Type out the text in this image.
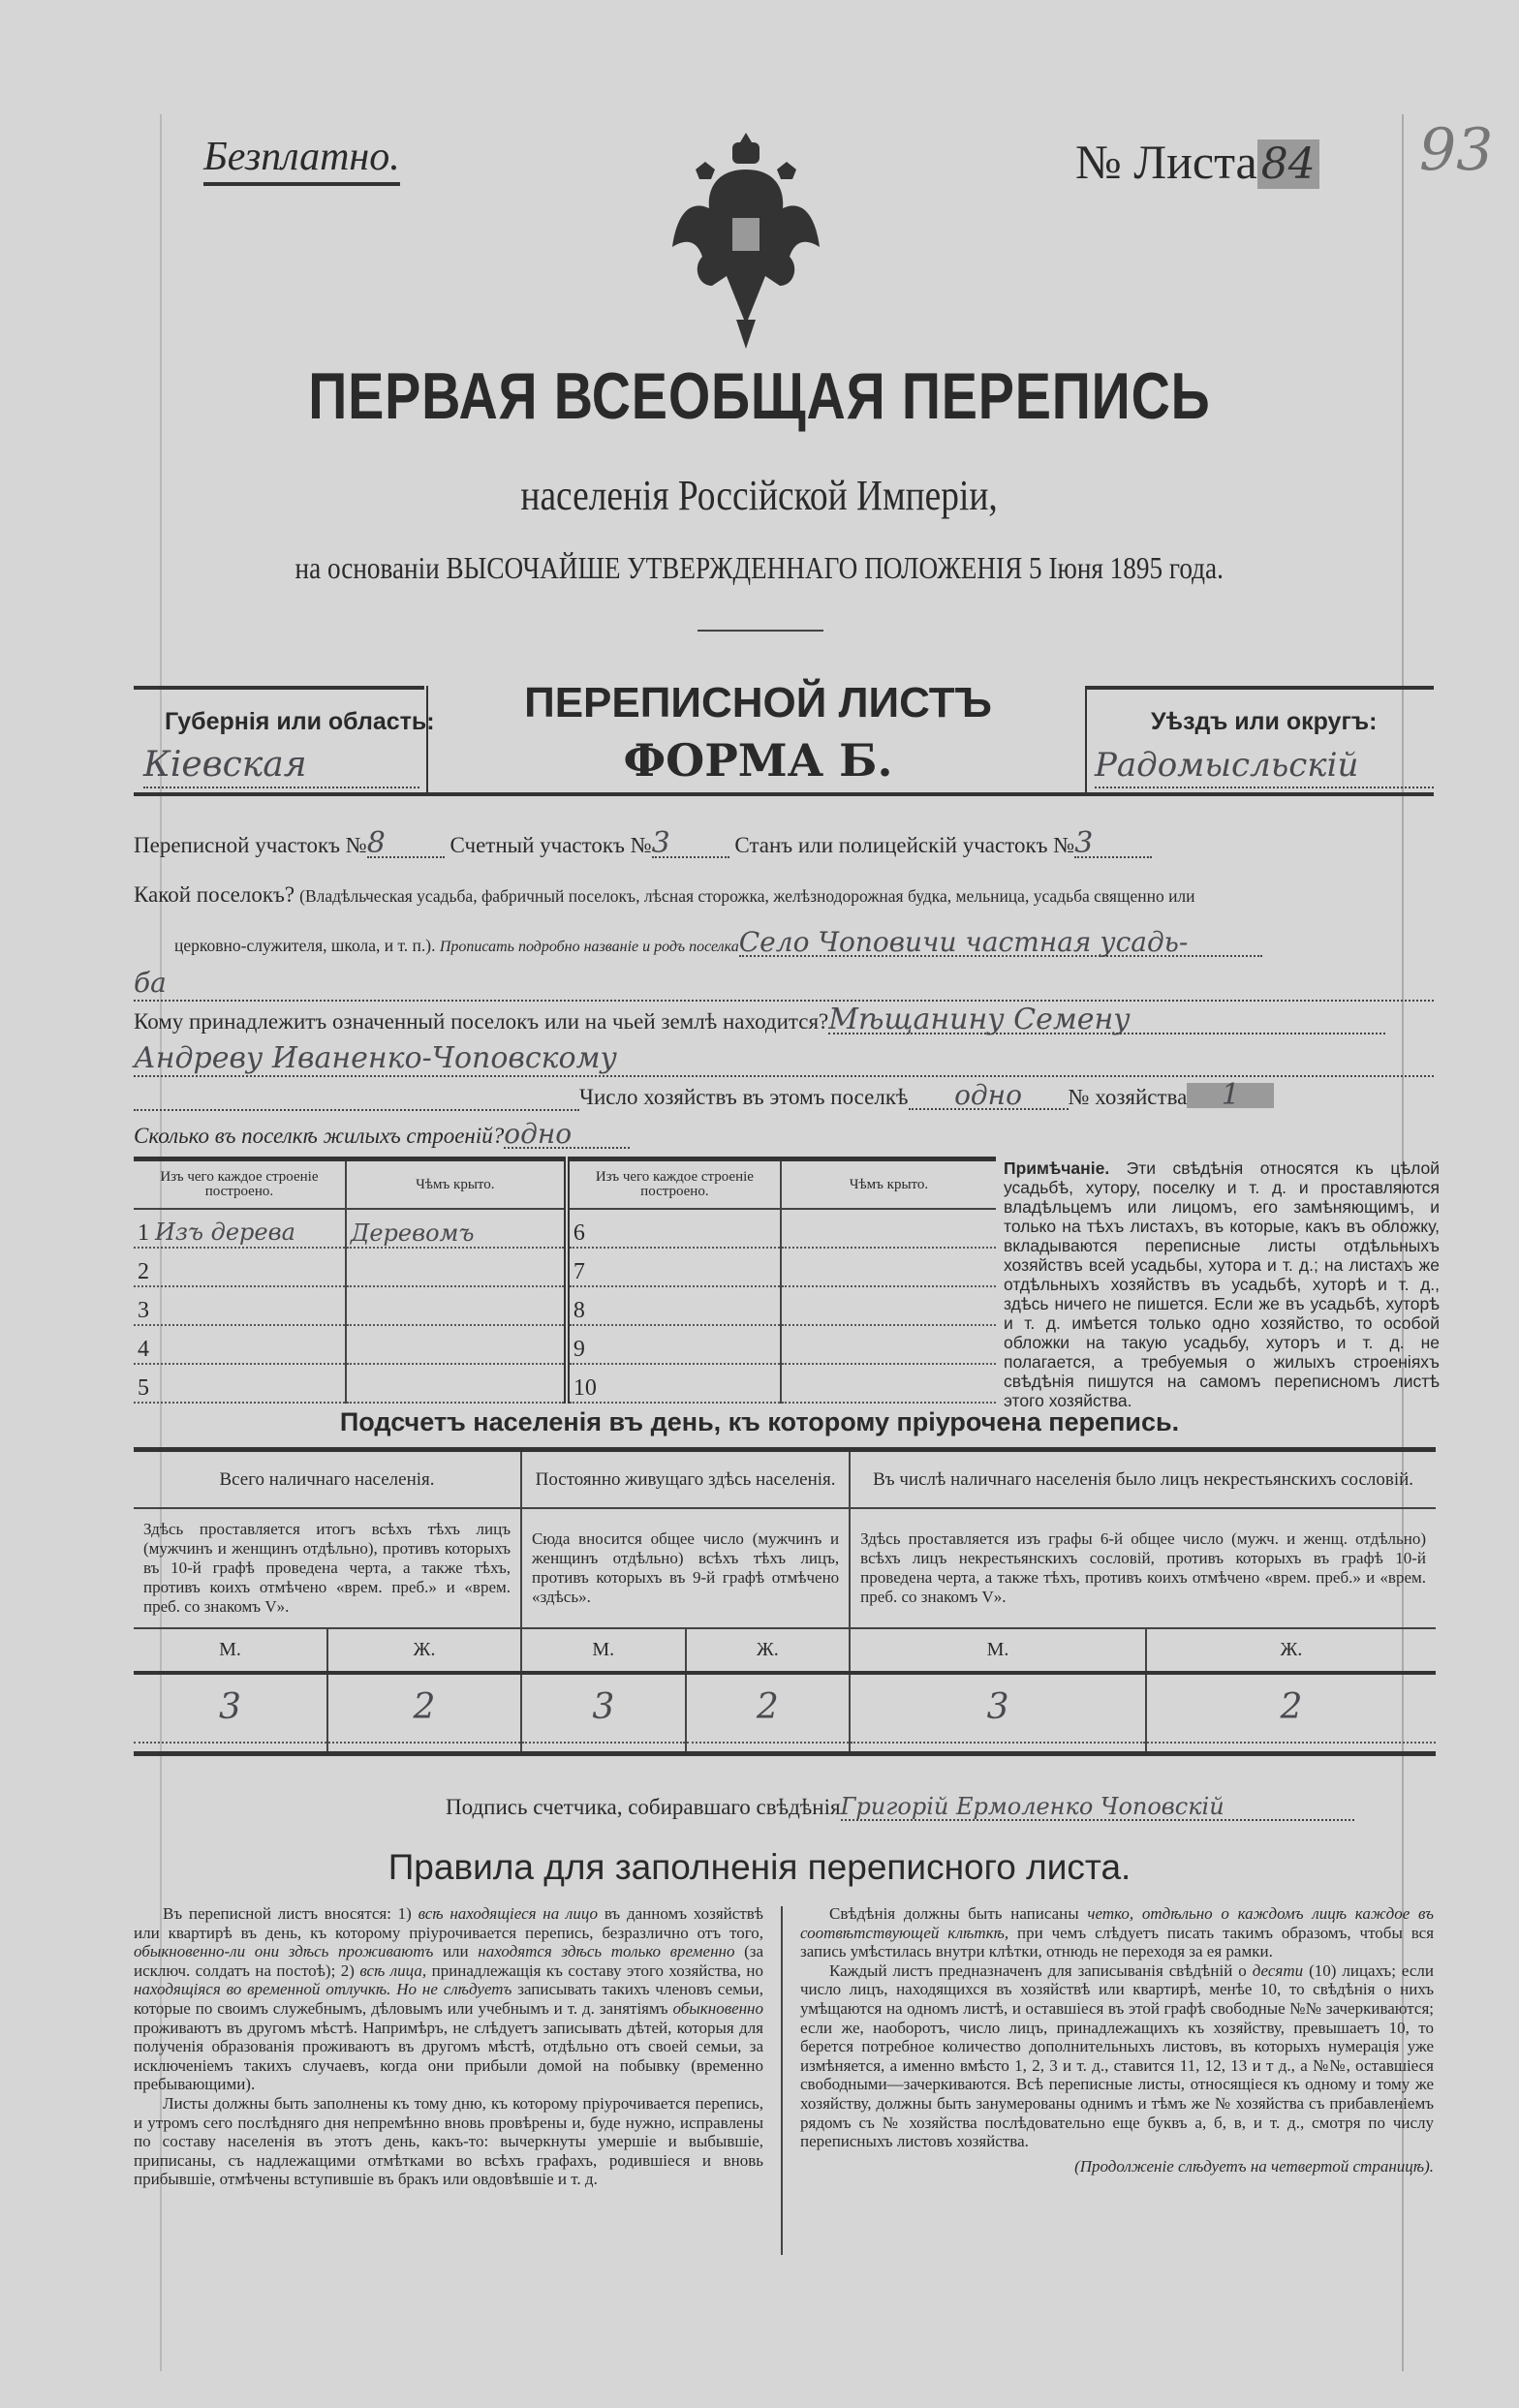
Безплатно.	№ Листа84 93
ПЕРВАЯ ВСЕОБЩАЯ ПЕРЕПИСЬ
населенія Россійской Имперіи,
на основаніи ВЫСОЧАЙШЕ УТВЕРЖДЕННАГО ПОЛОЖЕНІЯ 5 Іюня 1895 года.
Губернія или область:
Кіевская
ПЕРЕПИСНОЙ ЛИСТЪ
ФОРМА Б.
Уѣздъ или округъ:
Радомысльскій
Переписной участокъ №8	Счетный участокъ №3	Станъ или полицейскій участокъ №3
Какой поселокъ? (Владѣльческая усадьба, фабричный поселокъ, лѣсная сторожка, желѣзнодорожная будка, мельница, усадьба священно или
церковно-служителя, школа, и т. п.). Прописать подробно названіе и родъ поселкаСело Чоповичи частная усадь-
ба
Кому принадлежитъ означенный поселокъ или на чьей землѣ находится?Мѣщанину Семену
Андреву Иваненко-Чоповскому
Число хозяйствъ въ этомъ поселкѣ одно № хозяйства 1
Сколько въ поселкѣ жилыхъ строеній?одно
Изъ чего каждое строеніе построено.	Чѣмъ крыто.	Изъ чего каждое строеніе построено.	Чѣмъ крыто.
1 Изъ дерева	Деревомъ	6	
2		7	
3		8	
4		9	
5		10	
Примѣчаніе. Эти свѣдѣнія относятся къ цѣлой усадьбѣ, хутору, поселку и т. д. и проставляются владѣльцемъ или лицомъ, его замѣняющимъ, и только на тѣхъ листахъ, въ которые, какъ въ обложку, вкладываются переписные листы отдѣльныхъ хозяйствъ всей усадьбы, хутора и т. д.; на листахъ же отдѣльныхъ хозяйствъ въ усадьбѣ, хуторѣ и т. д., здѣсь ничего не пишется. Если же въ усадьбѣ, хуторѣ и т. д. имѣется только одно хозяйство, то особой обложки на такую усадьбу, хуторъ и т. д. не полагается, а требуемыя о жилыхъ строеніяхъ свѣдѣнія пишутся на самомъ переписномъ листѣ этого хозяйства.
Подсчетъ населенія въ день, къ которому пріурочена перепись.
Всего наличнаго населенія.		Постоянно живущаго здѣсь населенія.		Въ числѣ наличнаго населенія было лицъ некрестьянскихъ сословій.	
Здѣсь проставляется итогъ всѣхъ тѣхъ лицъ (мужчинъ и женщинъ отдѣльно), противъ которыхъ въ 10-й графѣ проведена черта, а также тѣхъ, противъ коихъ отмѣчено «врем. преб.» и «врем. преб. со знакомъ V».		Сюда вносится общее число (мужчинъ и женщинъ отдѣльно) всѣхъ тѣхъ лицъ, противъ которыхъ въ 9-й графѣ отмѣчено «здѣсь».		Здѣсь проставляется изъ графы 6-й общее число (мужч. и женщ. отдѣльно) всѣхъ лицъ некрестьянскихъ сословій, противъ которыхъ въ графѣ 10-й проведена черта, а также тѣхъ, противъ коихъ отмѣчено «врем. преб.» и «врем. преб. со знакомъ V».	
М.	Ж.	М.	Ж.	М.	Ж.
3	2	3	2	3	2

Подпись счетчика, собиравшаго свѣдѣніяГригорій Ермоленко Чоповскій
Правила для заполненія переписного листа.

Въ переписной листъ вносятся: 1) всѣ находящіеся на лицо въ данномъ хозяйствѣ или квартирѣ въ день, къ которому пріурочивается перепись, безразлично отъ того, обыкновенно-ли они здѣсь проживаютъ или находятся здѣсь только временно (за исключ. солдатъ на постоѣ); 2) всѣ лица, принадлежащія къ составу этого хозяйства, но находящіяся во временной отлучкѣ. Но не слѣдуетъ записывать такихъ членовъ семьи, которые по своимъ служебнымъ, дѣловымъ или учебнымъ и т. д. занятіямъ обыкновенно проживаютъ въ другомъ мѣстѣ. Напримѣръ, не слѣдуетъ записывать дѣтей, которыя для полученія образованія проживаютъ въ другомъ мѣстѣ, отдѣльно отъ своей семьи, за исключеніемъ такихъ случаевъ, когда они прибыли домой на побывку (временно пребывающими).

Листы должны быть заполнены къ тому дню, къ которому пріурочивается перепись, и утромъ сего послѣдняго дня непремѣнно вновь провѣрены и, буде нужно, исправлены по составу населенія въ этотъ день, какъ-то: вычеркнуты умершіе и выбывшіе, приписаны, съ надлежащими отмѣтками во всѣхъ графахъ, родившіеся и вновь прибывшіе, отмѣчены вступившіе въ бракъ или овдовѣвшіе и т. д.

Свѣдѣнія должны быть написаны четко, отдѣльно о каждомъ лицѣ каждое въ соотвѣтствующей клѣткѣ, при чемъ слѣдуетъ писать такимъ образомъ, чтобы вся запись умѣстилась внутри клѣтки, отнюдь не переходя за ея рамки.

Каждый листъ предназначенъ для записыванія свѣдѣній о десяти (10) лицахъ; если число лицъ, находящихся въ хозяйствѣ или квартирѣ, менѣе 10, то свѣдѣнія о нихъ умѣщаются на одномъ листѣ, и оставшіеся въ этой графѣ свободные №№ зачеркиваются; если же, наоборотъ, число лицъ, принадлежащихъ къ хозяйству, превышаетъ 10, то берется потребное количество дополнительныхъ листовъ, въ которыхъ нумерація уже измѣняется, а именно вмѣсто 1, 2, 3 и т. д., ставится 11, 12, 13 и т д., а №№, оставшіеся свободными—зачеркиваются. Всѣ переписные листы, относящіеся къ одному и тому же хозяйству, должны быть занумерованы однимъ и тѣмъ же № хозяйства съ прибавленіемъ рядомъ съ № хозяйства послѣдовательно еще буквъ а, б, в, и т. д., смотря по числу переписныхъ листовъ хозяйства.

(Продолженіе слѣдуетъ на четвертой страницѣ).
